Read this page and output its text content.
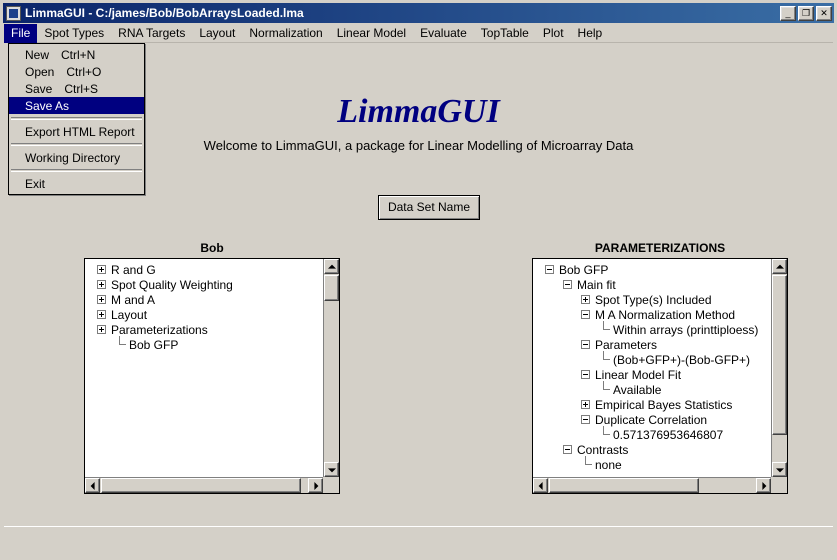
LimmaGUI - C:/james/Bob/BobArraysLoaded.lma	_	❐	✕
File	Spot Types	RNA Targets	Layout	Normalization	Linear Model	Evaluate	TopTable	Plot	Help
LimmaGUI
Welcome to LimmaGUI, a package for Linear Modelling of Microarray Data
Data Set Name
Bob
R and G
Spot Quality Weighting
M and A
Layout
Parameterizations
Bob GFP
PARAMETERIZATIONS
Bob GFP
Main fit
Spot Type(s) Included
M A Normalization Method
Within arrays (printtiploess)
Parameters
(Bob+GFP+)-(Bob-GFP+)
Linear Model Fit
Available
Empirical Bayes Statistics
Duplicate Correlation
0.571376953646807
Contrasts
none
New Ctrl+N
Open Ctrl+O
Save Ctrl+S
Save As
Export HTML Report
Working Directory
Exit
